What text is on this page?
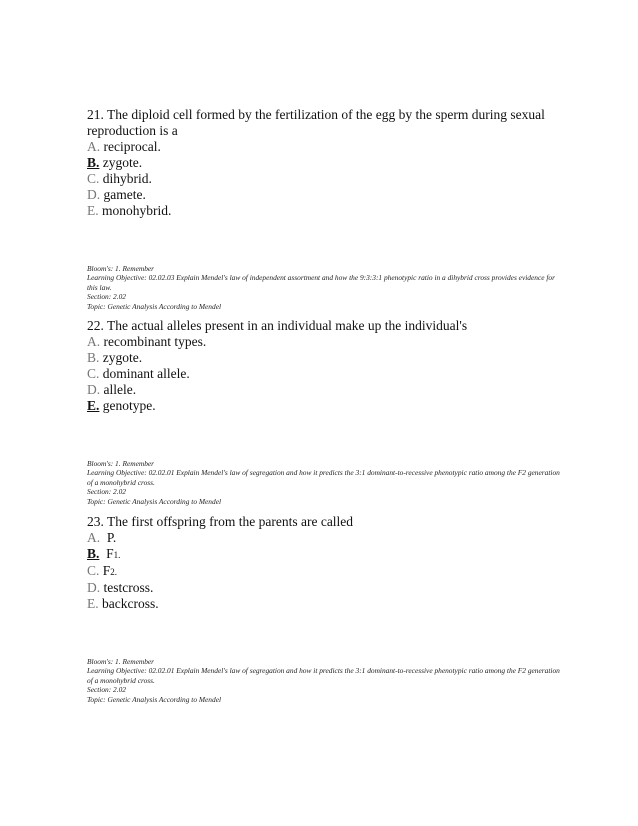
21. The diploid cell formed by the fertilization of the egg by the sperm during sexual reproduction is a

A. reciprocal.
B. zygote.
C. dihybrid.
D. gamete.
E. monohybrid.
Bloom's: 1. Remember
Learning Objective: 02.02.03 Explain Mendel's law of independent assortment and how the 9:3:3:1 phenotypic ratio in a dihybrid cross provides evidence for this law.
Section: 2.02
Topic: Genetic Analysis According to Mendel

22. The actual alleles present in an individual make up the individual's

A. recombinant types.
B. zygote.
C. dominant allele.
D. allele.
E. genotype.
Bloom's: 1. Remember
Learning Objective: 02.02.01 Explain Mendel's law of segregation and how it predicts the 3:1 dominant-to-recessive phenotypic ratio among the F2 generation of a monohybrid cross.
Section: 2.02
Topic: Genetic Analysis According to Mendel

23. The first offspring from the parents are called

A. P.
B. F1.
C. F2.
D. testcross.
E. backcross.
Bloom's: 1. Remember
Learning Objective: 02.02.01 Explain Mendel's law of segregation and how it predicts the 3:1 dominant-to-recessive phenotypic ratio among the F2 generation of a monohybrid cross.
Section: 2.02
Topic: Genetic Analysis According to Mendel
